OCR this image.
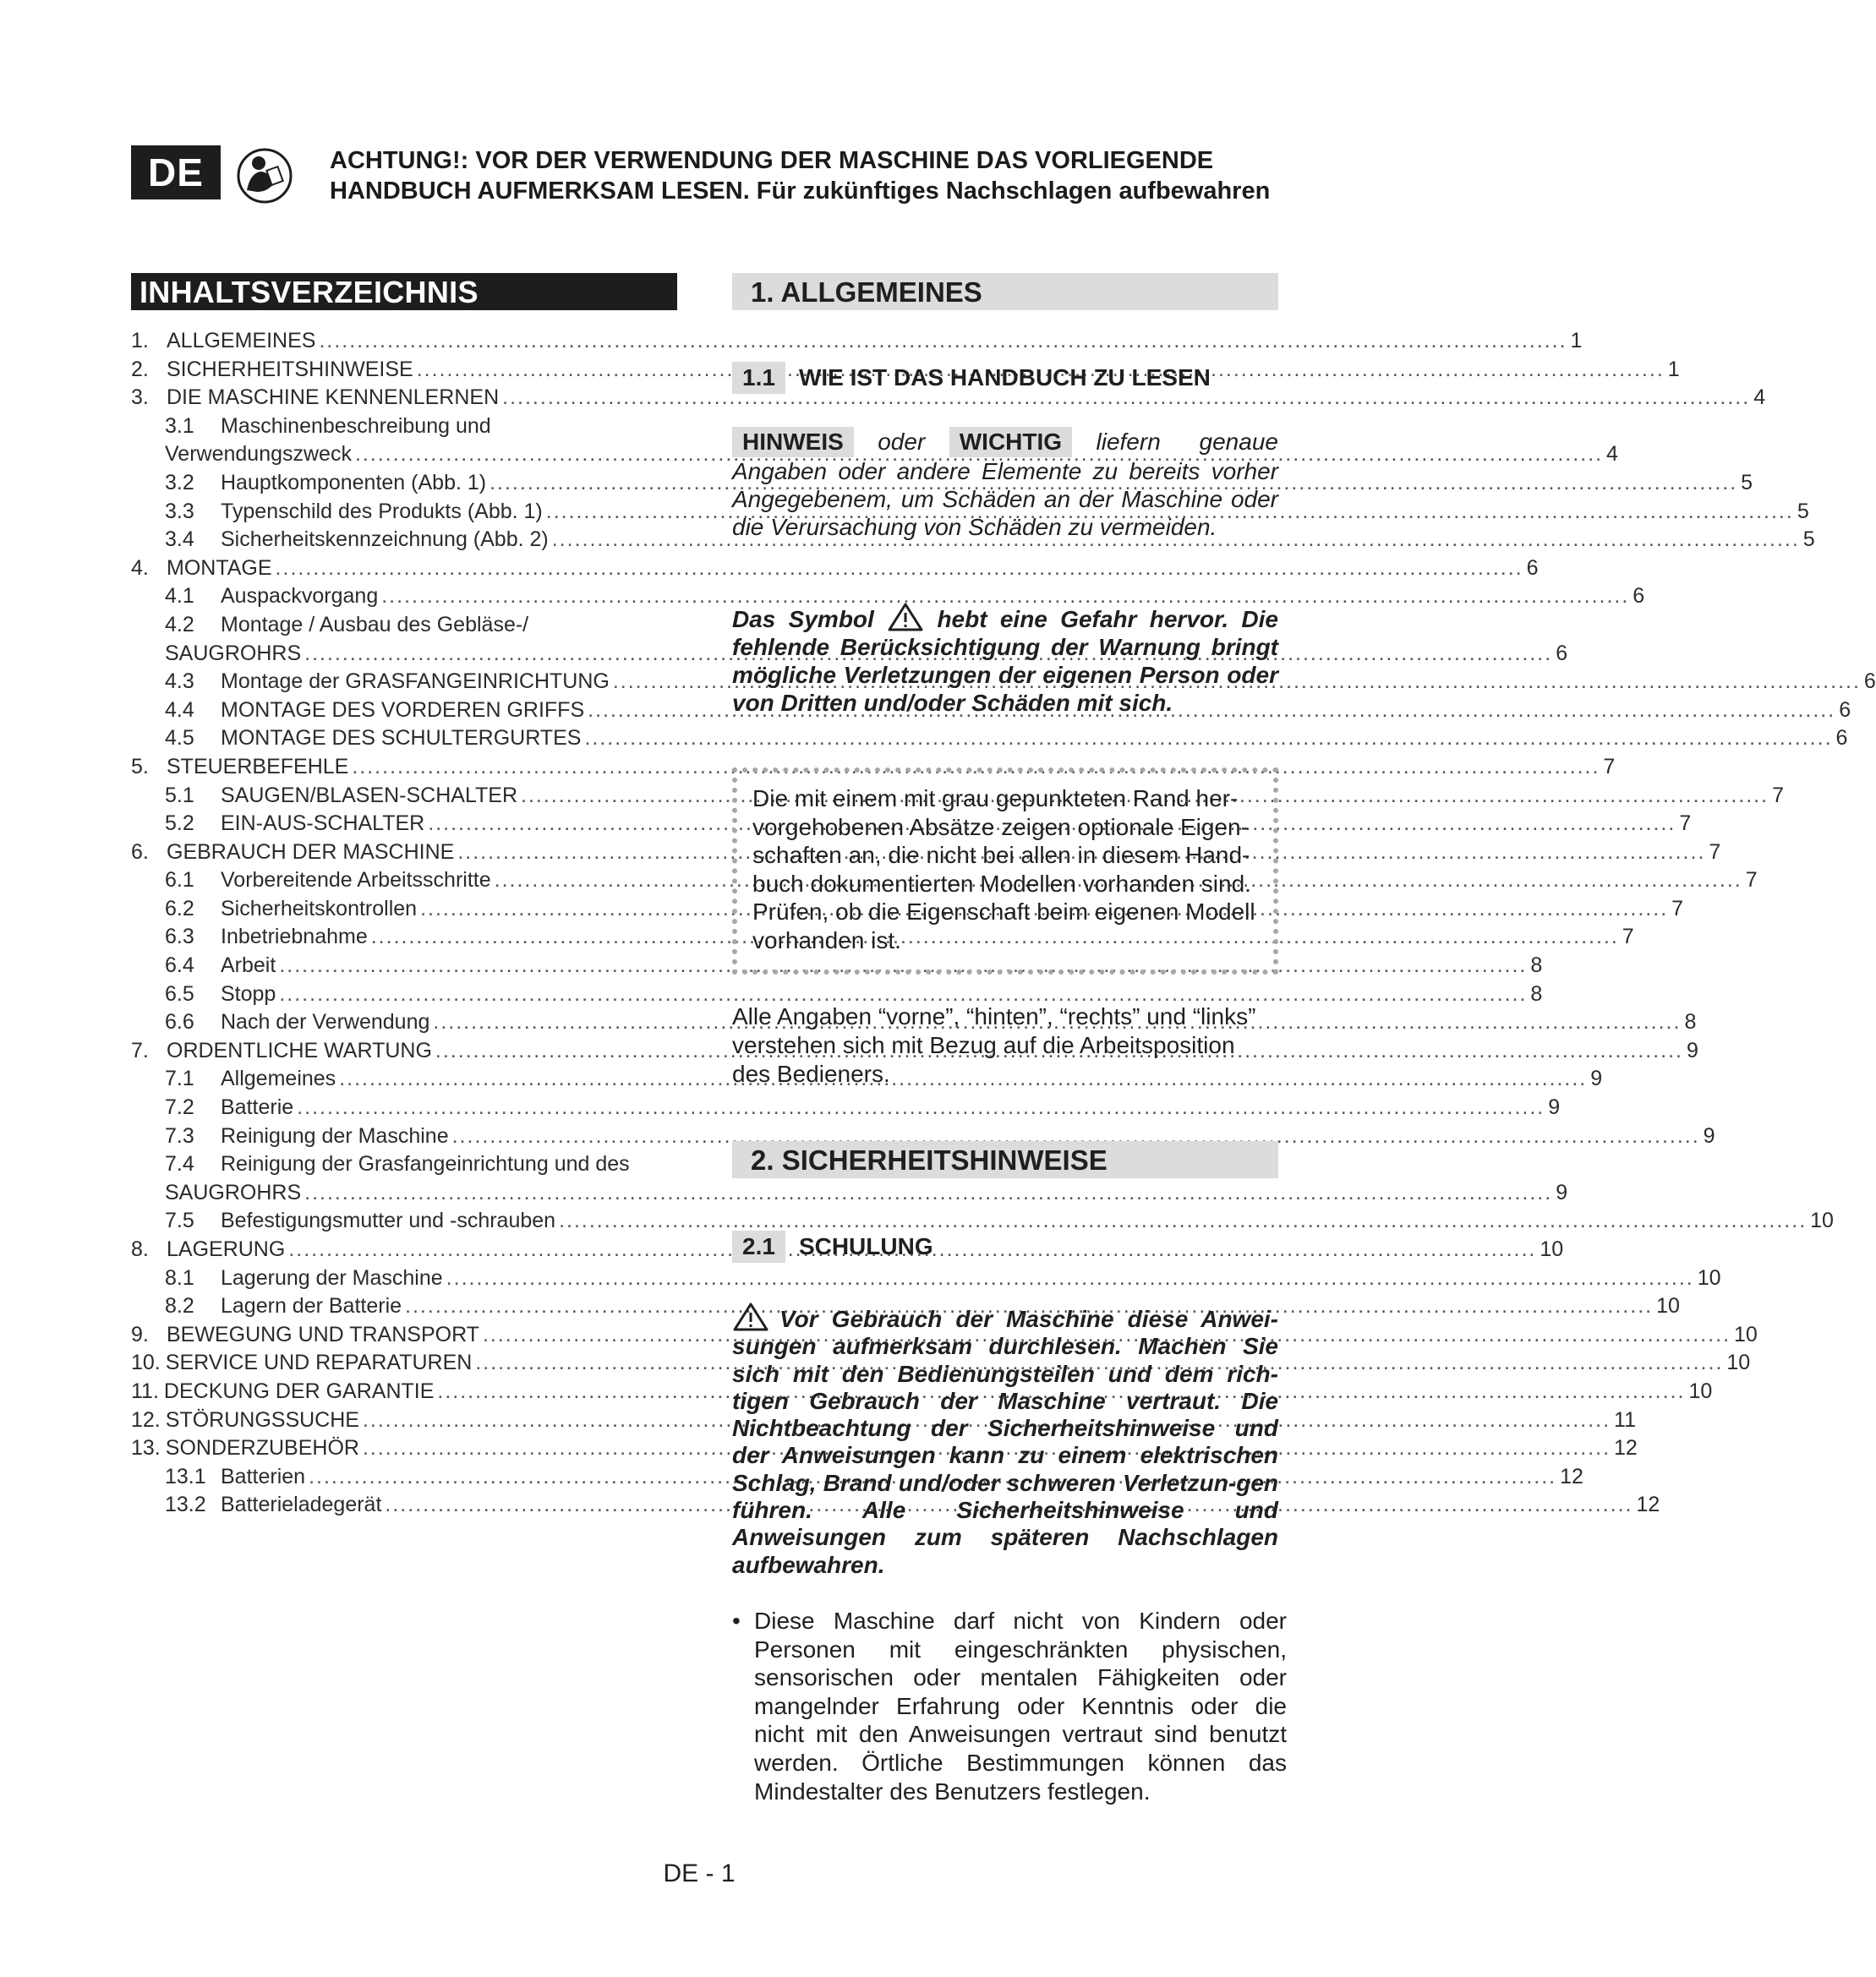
DE	ACHTUNG!: VOR DER VERWENDUNG DER MASCHINE DAS VORLIEGENDE
HANDBUCH AUFMERKSAM LESEN. Für zukünftiges Nachschlagen aufbewahren
INHALTSVERZEICHNIS
1. ALLGEMEINES .....	1
2. SICHERHEITSHINWEISE .....	1
3. DIE MASCHINE KENNENLERNEN .....	4
3.1	Maschinenbeschreibung und
Verwendungszweck .....	4
3.2	Hauptkomponenten (Abb. 1) .....	5
3.3	Typenschild des Produkts (Abb. 1) .....	5
3.4	Sicherheitskennzeichnung (Abb. 2) .....	5
4. MONTAGE .....	6
4.1	Auspackvorgang .....	6
4.2	Montage / Ausbau des Gebläse-/
SAUGROHRS .....	6
4.3	Montage der GRASFANGEINRICHTUNG .....	6
4.4	MONTAGE DES VORDEREN GRIFFS .....	6
4.5	MONTAGE DES SCHULTERGURTES .....	6
5. STEUERBEFEHLE .....	7
5.1	SAUGEN/BLASEN-SCHALTER .....	7
5.2	EIN-AUS-SCHALTER .....	7
6. GEBRAUCH DER MASCHINE .....	7
6.1	Vorbereitende Arbeitsschritte .....	7
6.2	Sicherheitskontrollen .....	7
6.3	Inbetriebnahme .....	7
6.4	Arbeit .....	8
6.5	Stopp .....	8
6.6	Nach der Verwendung .....	8
7. ORDENTLICHE WARTUNG .....	9
7.1	Allgemeines .....	9
7.2	Batterie .....	9
7.3	Reinigung der Maschine .....	9
7.4	Reinigung der Grasfangeinrichtung und des
SAUGROHRS .....	9
7.5	Befestigungsmutter und -schrauben .....	10
8. LAGERUNG .....	10
8.1	Lagerung der Maschine .....	10
8.2	Lagern der Batterie .....	10
9. BEWEGUNG UND TRANSPORT .....	10
10. SERVICE UND REPARATUREN .....	10
11. DECKUNG DER GARANTIE .....	10
12. STÖRUNGSSUCHE .....	11
13. SONDERZUBEHÖR .....	12
13.1 Batterien .....	12
13.2 Batterieladegerät .....	12
1. ALLGEMEINES
1.1	WIE IST DAS HANDBUCH ZU LESEN
HINWEIS	oder	WICHTIG	liefern genaue
Angaben oder andere Elemente zu bereits vorher Angegebenem, um Schäden an der Maschine oder die Verursachung von Schäden zu vermeiden.
Das Symbol	hebt eine Gefahr hervor. Die fehlende Berücksichtigung der Warnung bringt mögliche Verletzungen der eigenen Person oder von Dritten und/oder Schäden mit sich.
Die mit einem mit grau gepunkteten Rand her-vorgehobenen Absätze zeigen optionale Eigen-schaften an, die nicht bei allen in diesem Hand-buch dokumentierten Modellen vorhanden sind. Prüfen, ob die Eigenschaft beim eigenen Modell vorhanden ist.
Alle Angaben “vorne”, “hinten”, “rechts” und “links” verstehen sich mit Bezug auf die Arbeitsposition des Bedieners.
2. SICHERHEITSHINWEISE
2.1	SCHULUNG
Vor Gebrauch der Maschine diese Anwei-sungen aufmerksam durchlesen. Machen Sie sich mit den Bedienungsteilen und dem rich-tigen Gebrauch der Maschine vertraut. Die Nichtbeachtung der Sicherheitshinweise und der Anweisungen kann zu einem elektrischen Schlag, Brand und/oder schweren Verletzun-gen führen. Alle Sicherheitshinweise und Anweisungen zum späteren Nachschlagen aufbewahren.
• Diese Maschine darf nicht von Kindern oder Personen mit eingeschränkten physischen, sensorischen oder mentalen Fähigkeiten oder mangelnder Erfahrung oder Kenntnis oder die nicht mit den Anweisungen vertraut sind benutzt werden. Örtliche Bestimmungen können das Mindestalter des Benutzers festlegen.
DE - 1
